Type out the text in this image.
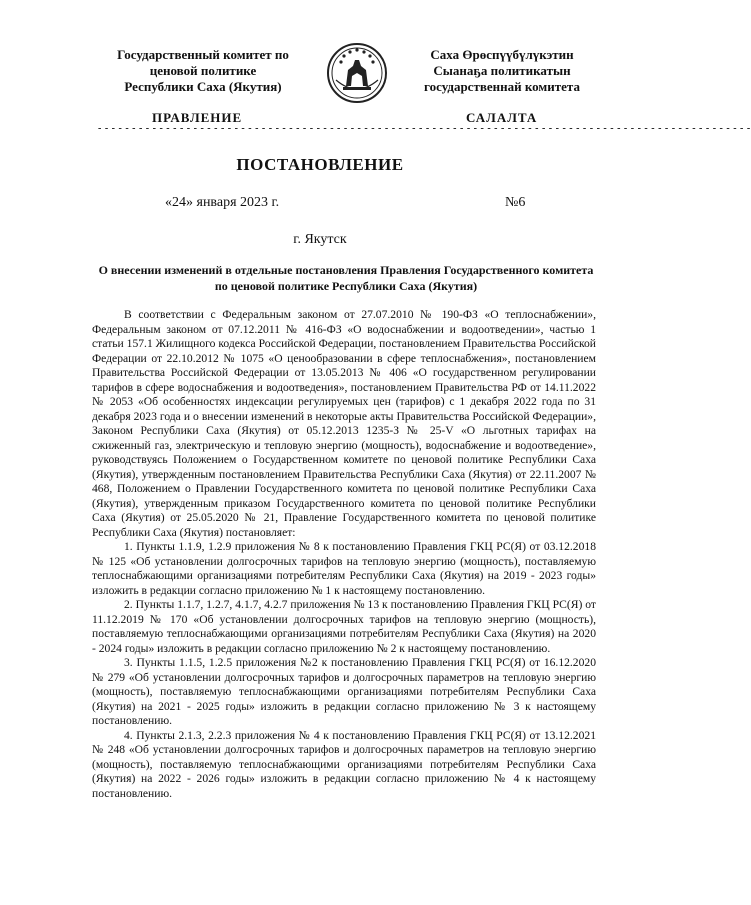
Государственный комитет по
ценовой политике
Республики Саха (Якутия)
Саха Өрөспүүбүлүкэтин
Сыанаҕа политикатын
государственнай комитета
ПРАВЛЕНИЕ	САЛАЛТА
- - - - - - - - - - - - - - - - - - - - - - - - - - - - - - - - - - - - - - - - - - - - - - - - - - - - - - - - - - - - - - - - - - - - - - - - - - - - - - - - - - - - - - - - - - - - - - - -
ПОСТАНОВЛЕНИЕ
«24» января 2023 г.	№6
г. Якутск
О внесении изменений в отдельные постановления Правления Государственного комитета по ценовой политике Республики Саха (Якутия)

В соответствии с Федеральным законом от 27.07.2010 № 190-ФЗ «О теплоснабжении», Федеральным законом от 07.12.2011 № 416-ФЗ «О водоснабжении и водоотведении», частью 1 статьи 157.1 Жилищного кодекса Российской Федерации, постановлением Правительства Российской Федерации от 22.10.2012 № 1075 «О ценообразовании в сфере теплоснабжения», постановлением Правительства Российской Федерации от 13.05.2013 № 406 «О государственном регулировании тарифов в сфере водоснабжения и водоотведения», постановлением Правительства РФ от 14.11.2022 № 2053 «Об особенностях индексации регулируемых цен (тарифов) с 1 декабря 2022 года по 31 декабря 2023 года и о внесении изменений в некоторые акты Правительства Российской Федерации», Законом Республики Саха (Якутия) от 05.12.2013 1235-З № 25-V «О льготных тарифах на сжиженный газ, электрическую и тепловую энергию (мощность), водоснабжение и водоотведение», руководствуясь Положением о Государственном комитете по ценовой политике Республики Саха (Якутия), утвержденным постановлением Правительства Республики Саха (Якутия) от 22.11.2007 № 468, Положением о Правлении Государственного комитета по ценовой политике Республики Саха (Якутия), утвержденным приказом Государственного комитета по ценовой политике Республики Саха (Якутия) от 25.05.2020 № 21, Правление Государственного комитета по ценовой политике Республики Саха (Якутия) постановляет:

1. Пункты 1.1.9, 1.2.9 приложения № 8 к постановлению Правления ГКЦ РС(Я) от 03.12.2018 № 125 «Об установлении долгосрочных тарифов на тепловую энергию (мощность), поставляемую теплоснабжающими организациями потребителям Республики Саха (Якутия) на 2019 - 2023 годы» изложить в редакции согласно приложению № 1 к настоящему постановлению.

2. Пункты 1.1.7, 1.2.7, 4.1.7, 4.2.7 приложения № 13 к постановлению Правления ГКЦ РС(Я) от 11.12.2019 № 170 «Об установлении долгосрочных тарифов на тепловую энергию (мощность), поставляемую теплоснабжающими организациями потребителям Республики Саха (Якутия) на 2020 - 2024 годы» изложить в редакции согласно приложению № 2 к настоящему постановлению.

3. Пункты 1.1.5, 1.2.5 приложения №2 к постановлению Правления ГКЦ РС(Я) от 16.12.2020 № 279 «Об установлении долгосрочных тарифов и долгосрочных параметров на тепловую энергию (мощность), поставляемую теплоснабжающими организациями потребителям Республики Саха (Якутия) на 2021 - 2025 годы» изложить в редакции согласно приложению № 3 к настоящему постановлению.

4. Пункты 2.1.3, 2.2.3 приложения № 4 к постановлению Правления ГКЦ РС(Я) от 13.12.2021 № 248 «Об установлении долгосрочных тарифов и долгосрочных параметров на тепловую энергию (мощность), поставляемую теплоснабжающими организациями потребителям Республики Саха (Якутия) на 2022 - 2026 годы» изложить в редакции согласно приложению № 4 к настоящему постановлению.
